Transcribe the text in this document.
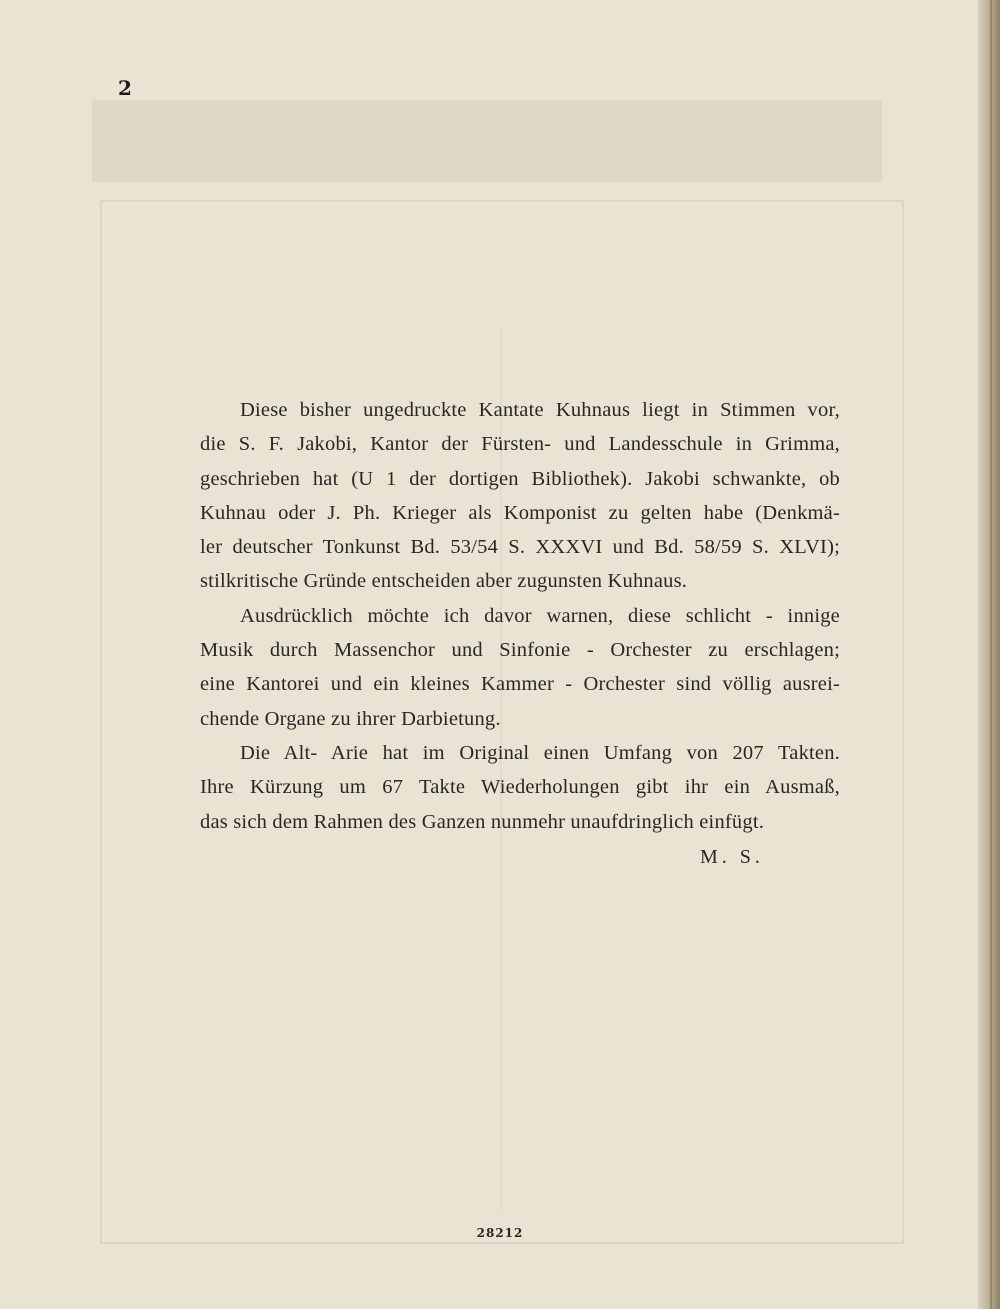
2

Diese bisher ungedruckte Kantate Kuhnaus liegt in Stimmen vor,
die S. F. Jakobi, Kantor der Fürsten- und Landesschule in Grimma,
geschrieben hat (U 1 der dortigen Bibliothek). Jakobi schwankte, ob
Kuhnau oder J. Ph. Krieger als Komponist zu gelten habe (Denkmä-
ler deutscher Tonkunst Bd. 53/54 S. XXXVI und Bd. 58/59 S. XLVI);
stilkritische Gründe entscheiden aber zugunsten Kuhnaus.

Ausdrücklich möchte ich davor warnen, diese schlicht - innige
Musik durch Massenchor und Sinfonie - Orchester zu erschlagen;
eine Kantorei und ein kleines Kammer - Orchester sind völlig ausrei-
chende Organe zu ihrer Darbietung.

Die Alt- Arie hat im Original einen Umfang von 207 Takten.
Ihre Kürzung um 67 Takte Wiederholungen gibt ihr ein Ausmaß,
das sich dem Rahmen des Ganzen nunmehr unaufdringlich einfügt.

M. S.
28212
